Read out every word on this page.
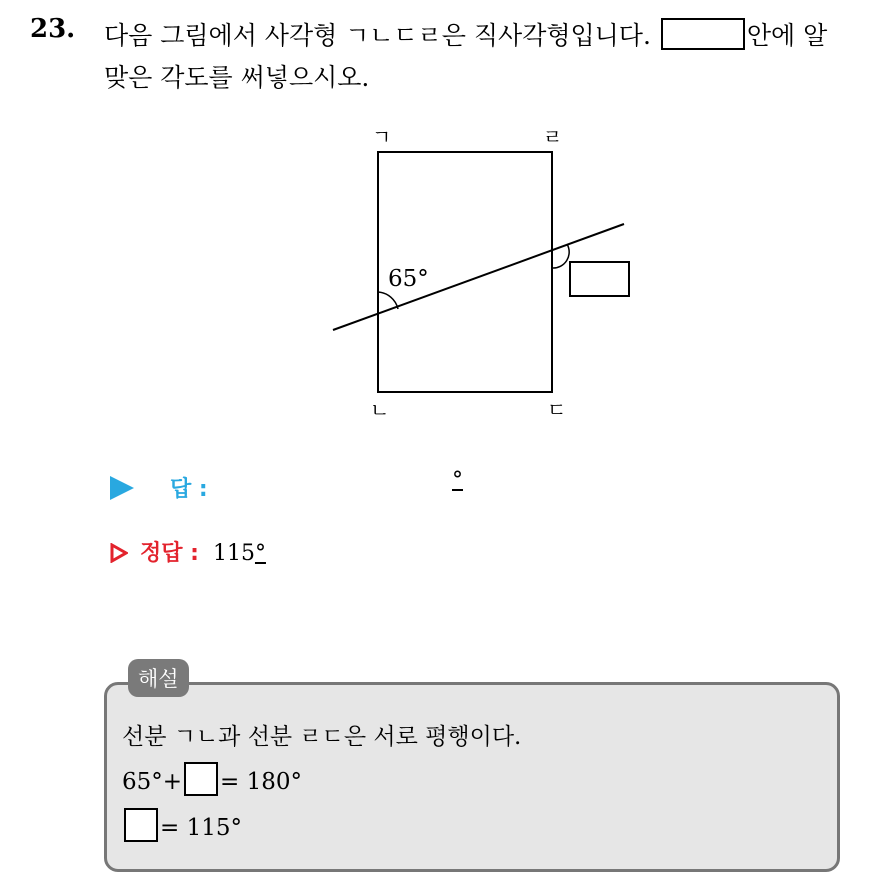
23. 다음 그림에서 사각형 ㄱㄴㄷㄹ은 직사각형입니다.	안에 알
맞은 각도를 써넣으시오.
ㄱ	ㄹ
ㄴ	ㄷ
65°
답 :	°
정답 : 115°
해설
선분 ㄱㄴ과 선분 ㄹㄷ은 서로 평행이다.
65°+ = 180°
= 115°
